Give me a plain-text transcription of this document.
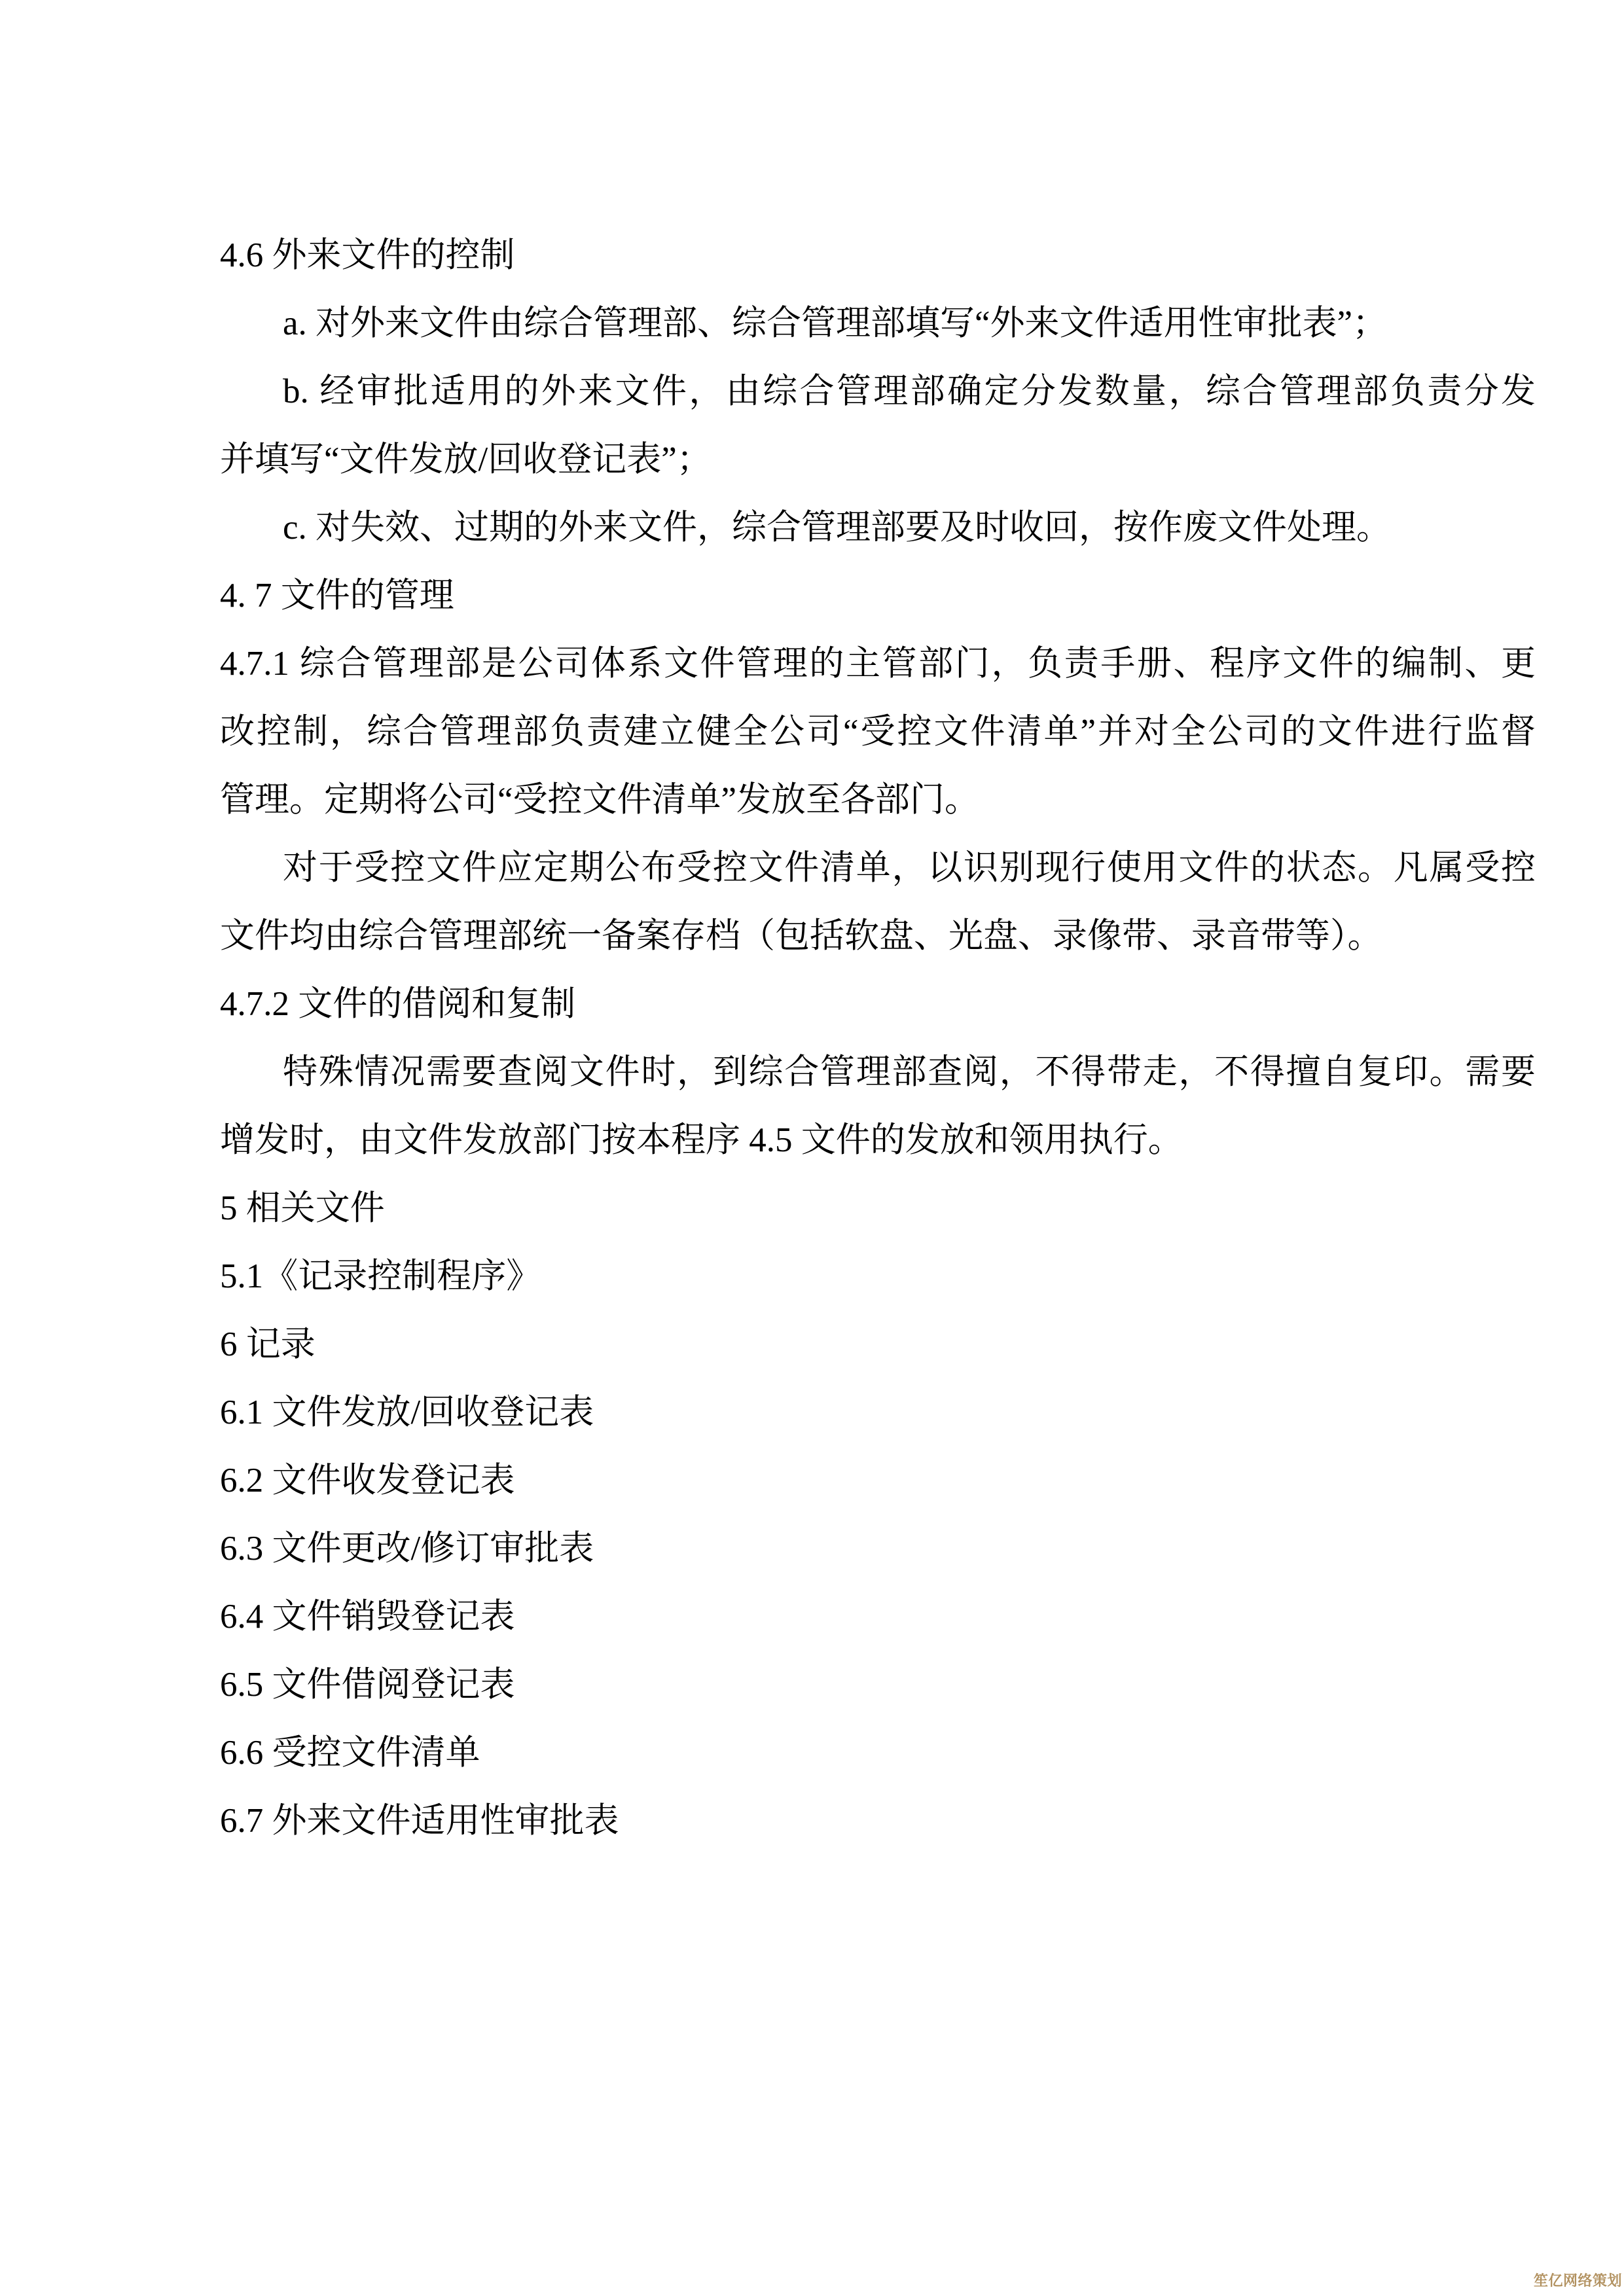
4.6 外来文件的控制
a. 对外来文件由综合管理部、综合管理部填写“外来文件适用性审批表”；
b. 经审批适用的外来文件，由综合管理部确定分发数量，综合管理部负责分发
并填写“文件发放/回收登记表”；
c. 对失效、过期的外来文件，综合管理部要及时收回，按作废文件处理。
4. 7 文件的管理
4.7.1 综合管理部是公司体系文件管理的主管部门，负责手册、程序文件的编制、更
改控制，综合管理部负责建立健全公司“受控文件清单”并对全公司的文件进行监督
管理。定期将公司“受控文件清单”发放至各部门。
对于受控文件应定期公布受控文件清单，以识别现行使用文件的状态。凡属受控
文件均由综合管理部统一备案存档（包括软盘、光盘、录像带、录音带等）。
4.7.2 文件的借阅和复制
特殊情况需要查阅文件时，到综合管理部查阅，不得带走，不得擅自复印。需要
增发时，由文件发放部门按本程序 4.5 文件的发放和领用执行。
5 相关文件
5.1《记录控制程序》
6 记录
6.1 文件发放/回收登记表
6.2 文件收发登记表
6.3 文件更改/修订审批表
6.4 文件销毁登记表
6.5 文件借阅登记表
6.6 受控文件清单
6.7 外来文件适用性审批表
笙亿网络策划
